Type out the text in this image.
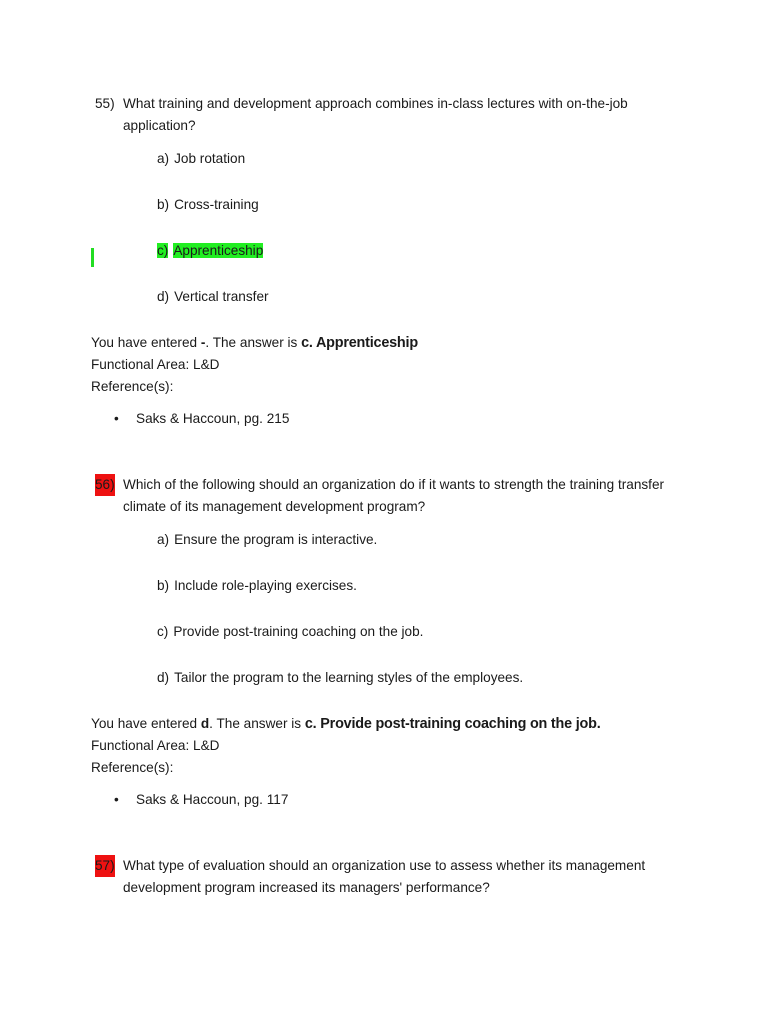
55) What training and development approach combines in-class lectures with on-the-job application?
a) Job rotation
b) Cross-training
c) Apprenticeship
d) Vertical transfer
You have entered -. The answer is c. Apprenticeship
Functional Area: L&D
Reference(s):
• Saks & Haccoun, pg. 215
56) Which of the following should an organization do if it wants to strength the training transfer climate of its management development program?
a) Ensure the program is interactive.
b) Include role-playing exercises.
c) Provide post-training coaching on the job.
d) Tailor the program to the learning styles of the employees.
You have entered d. The answer is c. Provide post-training coaching on the job.
Functional Area: L&D
Reference(s):
• Saks & Haccoun, pg. 117
57) What type of evaluation should an organization use to assess whether its management development program increased its managers' performance?
